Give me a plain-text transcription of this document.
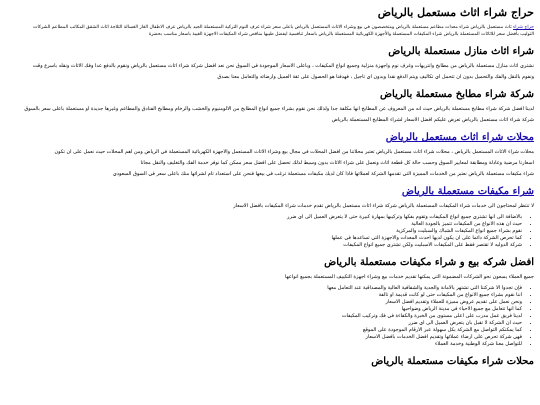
حراج شراء اثاث مستعمل بالرياض

حراج شراء ثاث مستعمل بالرياض شراء معدات مطاعم مستعملة بالرياض ومتخصصون في بيع وشراء الاثاث المستعمل بالرياض باعلى سعر شراء غرف النوم التركية المستعملة الجيد بالرياض غرف الاطفال الغاز الغسالة الثلاجة اثاث الشقق المكاتب المطاعم الشركات
التوليب بأفضل سعر للاثاثات المستعملة بالرياض شراء المكيفات المستعملة والأجهزة الكهربائية المستعملة بالرياض باسعار تنافسية ايفضل طيبها مناقص شراء المكيفات الاجهزة الغيبة باسعار مناسب بحضرة

شراء اثاث منازل مستعملة بالرياض

نشتري اثاث منازل مستعملة بالرياض من مطابخ وانتريهات وغرف نوم واجهزة منزلية وجميع انواع المكيفات ، وباعلى الاسعار الموجودة في السوق نحن نعد افضل شركة شراء اثاث مستعمل بالرياض ونقوم بالدفع عدا وفك الاثاث ونقله باسرع وقت

ونفوم بالنقل والفك والتحميل بدون ان تتحمل اي تكاليف ويتم الدفع نقدا وبدون اي تاجيل ، فهدفنا هو الحصول على ثقة العميل وارضائه والتعامل معنا بصدق

شركة شراء مطابخ مستعملة بالرياض

لدينا افضل شركة شراء مطابخ مستعملة بالرياض حيث انه من المعروف عن المطابخ انها مكلفة جدا ولذلك نحن نقوم بشراء جميع انواع المطابخ من الالومنيوم والخشب والرخام ومطابخ الفنادق والمطاعم وغيرها جديدة او مستعملة باعلى سعر بالسوق

شركة شراء اثاث مستعمل بالرياض تعرض عليكم افضل الاسعار لشراء المطابخ المستعملة بالرياض

محلات شراء اثاث مستعمل بالرياض

محلات شراء الاثاث المستعمل بالرياض ، محلات شراء اثاث مستعمل بالرياض تعتبر محلاتنا من افضل المحلات في مجال بيع وشراء الاثاث المستعمل والاجهزة الكهربائية المستعملة في الرياض ومن اهم المحلات حيث نعمل على ان تكون

اسعارنا مرضية وعادلة ومطابقة لمعايير السوق وحسب حالة كل قطعة اثاث ونعمل على شراء الاثاث بدون وسيط لذلك تحصل على افضل سعر ممكن كما نوفر خدمة الفك والتغليف والنقل مجانا

شراء مكيفات مستعملة بالرياض نعتبر من الخدمات المميزة التي تقدمها الشركة لعملائها فاذا كان لديك مكيفات مستعملة ترغب في بيعها فنحن على استعداد تام لشرائها منك باعلى سعر في السوق السعودي

شراء مكيفات مستعملة بالرياض

لا تنتظر لمحتاجون الى خدمات شراء المكيفات المستعملة بالرياض شركة شراء اثاث مستعمل بالرياض تقدم خدمات شراء المكيفات بافضل الاسعار

• بالاضافة الى انها تشتري جميع انواع المكيفات وتقوم بفكها وتركيبها بمهارة كبيرة حتى لا يتعرض العميل الى اي ضرر
• حيث ان هذه الانواع من المكيفات تتميز بالجودة العالية
• نقوم بشراء جميع انواع المكيفات الشباك والسبليت والمركزية
• كما تحرص الشركة دائما على ان يكون لديها احدث المعدات والاجهزة التي تساعدها في عملها
• شركة الدوليه لا تقتصر فقط على المكيفات الاسبليت ولكن تشتري جميع انواع المكيفات
افضل شركه بيع و شراء مكيفات مستعملة بالرياض

جميع العملاء يسعون نحو الشركات المضمونة التي يمكنها تقديم خدمات بيع وشراء اجهزة التكييف المستعملة بجميع انواعها

• فإن تجدوا الا شركتنا التي تشتهر بالامانة والجدية والشفافية العالية والمصداقية عند التعامل معها
• اننا نقوم بشراء جميع الانواع من المكيفات حتى لو كانت قديمة او تالفة
• ونحن نعمل على تقديم عروض مميزة للعملاء وتقديم افضل الاسعار
• كما انها تتعامل مع جميع الاحياء في مدينة الرياض وضواحيها
• لدينا فريق عمل مدرب على اعلى مستوى من الخبرة والكفاءة في فك وتركيب المكيفات
• حيث ان الشركة لا تقبل بان يتعرض العميل الى اي ضرر
• كما يمكنكم التواصل مع الشركة بكل سهولة عبر الارقام الموجودة على الموقع
• فهي شركة تحرص على ارضاء عملائها وتقديم افضل الخدمات بافضل الاسعار
• للتواصل معنا شركة الوطنية وخدمة العملاء
محلات شراء مكيفات مستعملة بالرياض
